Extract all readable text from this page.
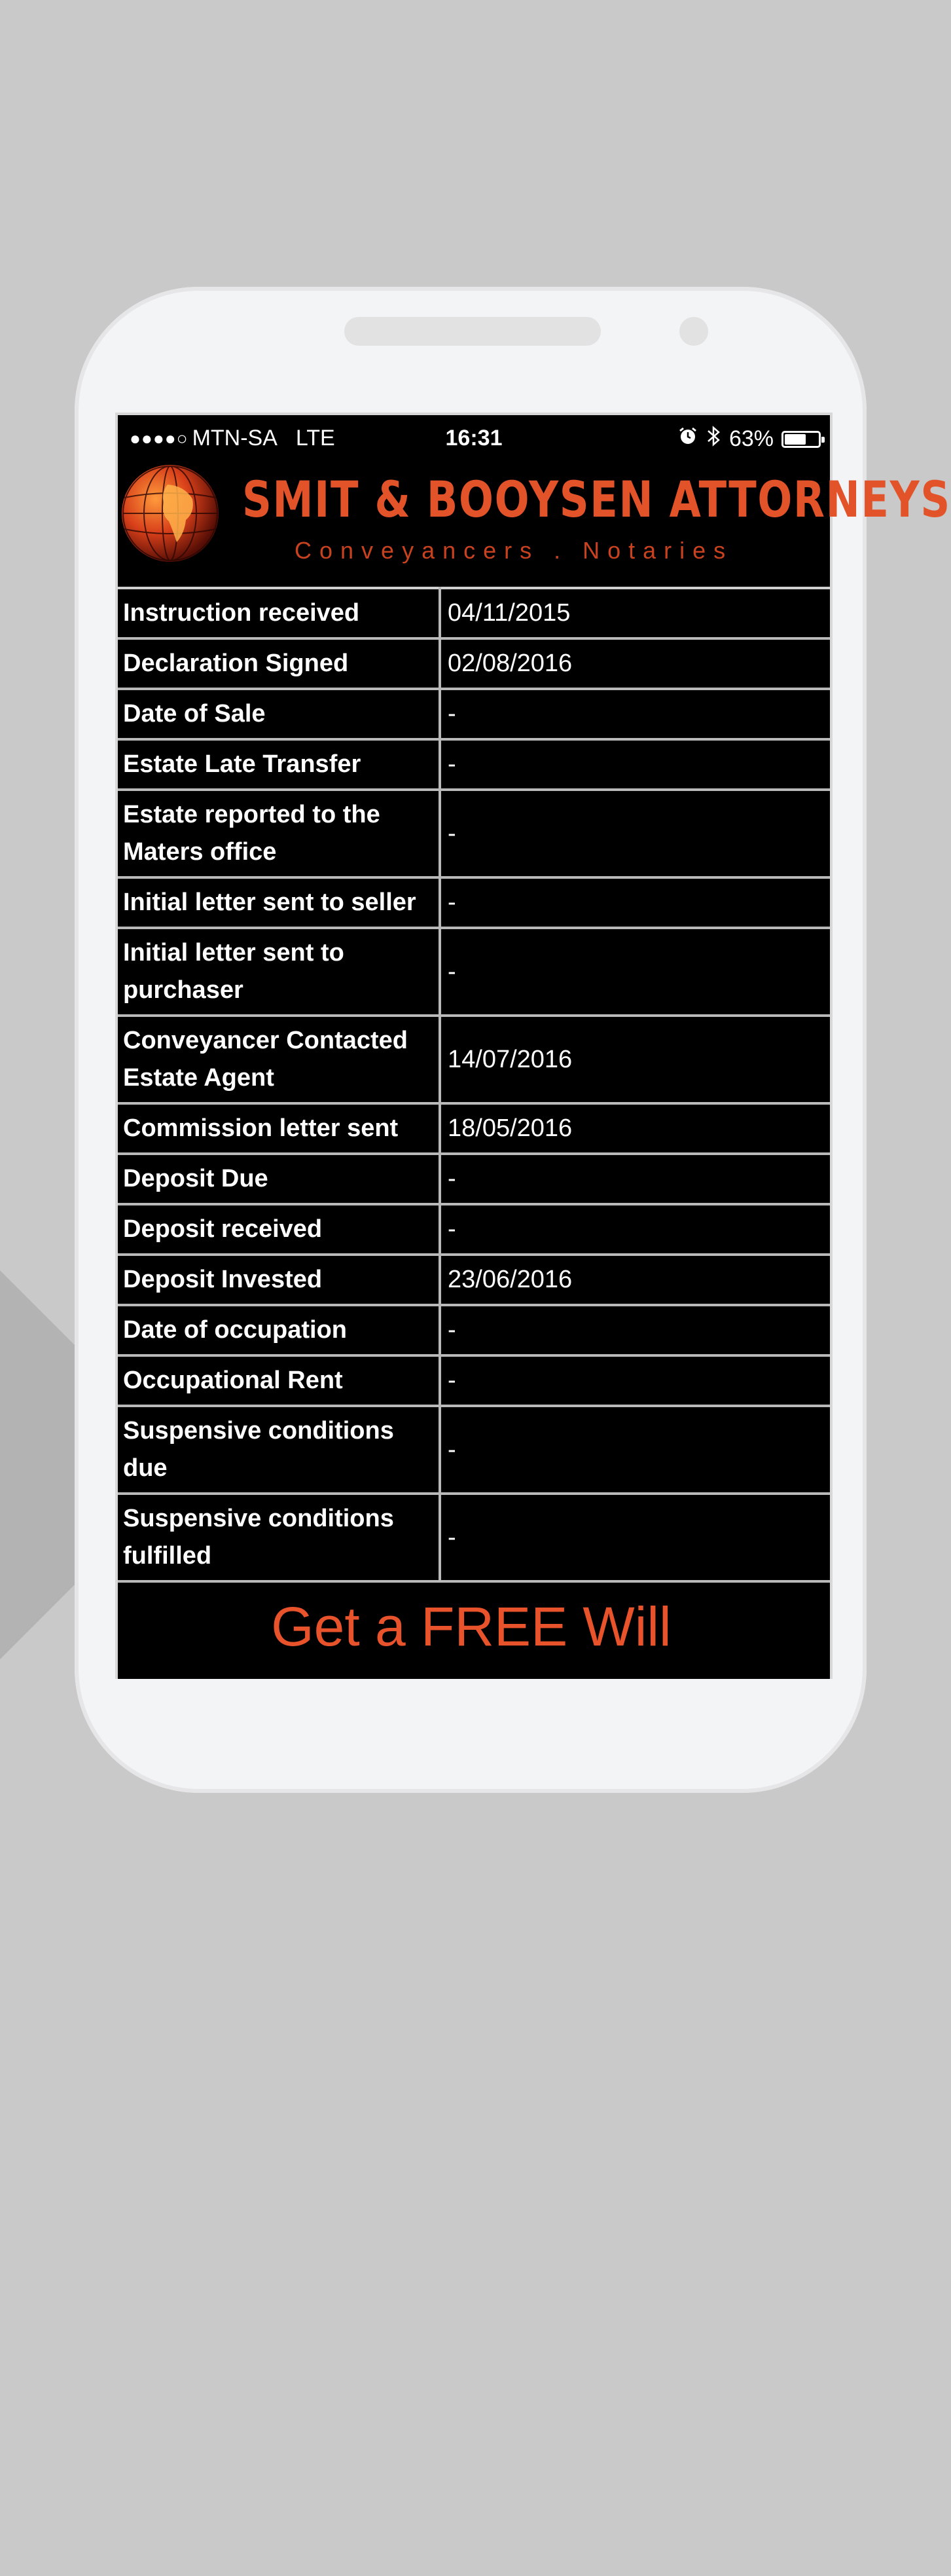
●●●●○ MTN-SA LTE	16:31	63%
SMIT & BOOYSEN ATTORNEYS
Conveyancers . Notaries
Instruction received	04/11/2015
Declaration Signed	02/08/2016
Date of Sale	-
Estate Late Transfer	-
Estate reported to the Maters office	-
Initial letter sent to seller	-
Initial letter sent to purchaser	-
Conveyancer Contacted Estate Agent	14/07/2016
Commission letter sent	18/05/2016
Deposit Due	-
Deposit received	-
Deposit Invested	23/06/2016
Date of occupation	-
Occupational Rent	-
Suspensive conditions due	-
Suspensive conditions fulfilled	-
Get a FREE Will
